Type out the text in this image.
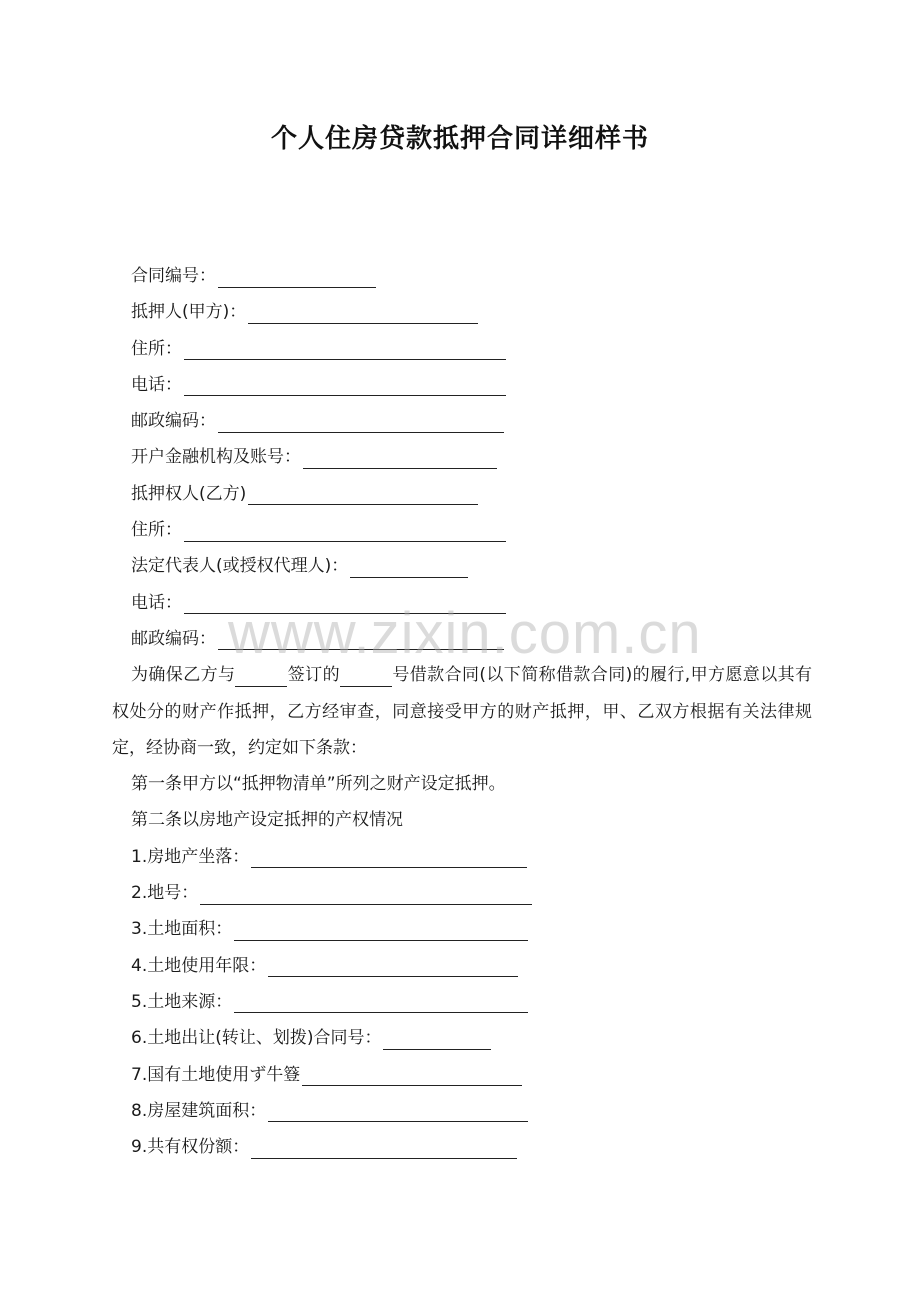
个人住房贷款抵押合同详细样书
合同编号：
抵押人(甲方)：
住所：
电话：
邮政编码：
开户金融机构及账号：
抵押权人(乙方)
住所：
法定代表人(或授权代理人)：
电话：
邮政编码：
为确保乙方与	签订的	号借款合同(以下简称借款合同)的履行,甲方愿意以其有权处分的财产作抵押，乙方经审查，同意接受甲方的财产抵押，甲、乙双方根据有关法律规定，经协商一致，约定如下条款：
第一条甲方以“抵押物清单”所列之财产设定抵押。
第二条以房地产设定抵押的产权情况
1.房地产坐落：
2.地号：
3.土地面积：
4.土地使用年限：
5.土地来源：
6.土地出让(转让、划拨)合同号：
7.国有土地使用ず牛簦
8.房屋建筑面积：
9.共有权份额：
www.zixin.com.cn
